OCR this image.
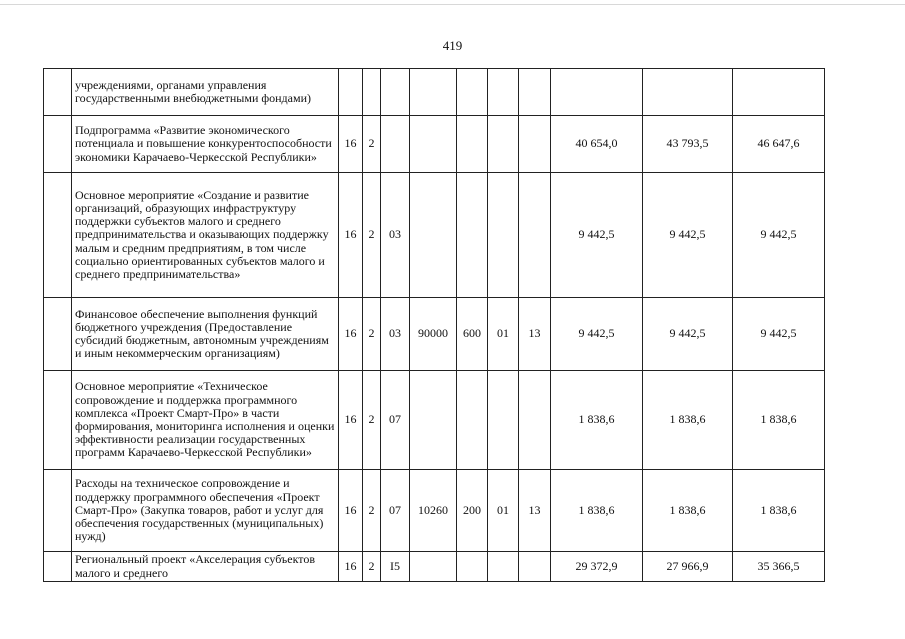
419
	учреждениями, органами управления государственными внебюджетными фондами)										
	Подпрограмма «Развитие экономического потенциала и повышение конкурентоспособности экономики Карачаево-Черкесской Республики»	16	2						40 654,0	43 793,5	46 647,6
	Основное мероприятие «Создание и развитие организаций, образующих инфраструктуру поддержки субъектов малого и среднего предпринимательства и оказывающих поддержку малым и средним предприятиям, в том числе социально ориентированных субъектов малого и среднего предпринимательства»	16	2	03					9 442,5	9 442,5	9 442,5
	Финансовое обеспечение выполнения функций бюджетного учреждения (Предоставление субсидий бюджетным, автономным учреждениям и иным некоммерческим организациям)	16	2	03	90000	600	01	13	9 442,5	9 442,5	9 442,5
	Основное мероприятие «Техническое сопровождение и поддержка программного комплекса «Проект Смарт-Про» в части формирования, мониторинга исполнения и оценки эффективности реализации государственных программ Карачаево-Черкесской Республики»	16	2	07					1 838,6	1 838,6	1 838,6
	Расходы на техническое сопровождение и поддержку программного обеспечения «Проект Смарт-Про» (Закупка товаров, работ и услуг для обеспечения государственных (муниципальных) нужд)	16	2	07	10260	200	01	13	1 838,6	1 838,6	1 838,6
	Региональный проект «Акселерация субъектов малого и среднего	16	2	I5					29 372,9	27 966,9	35 366,5
